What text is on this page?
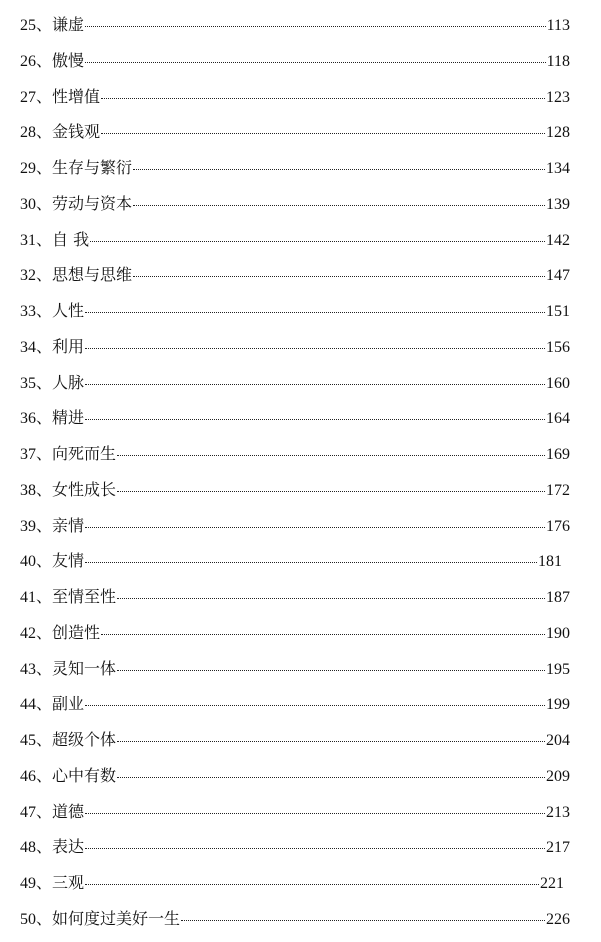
25、 谦虚	113
26、 傲慢	118
27、 性增值	123
28、 金钱观	128
29、 生存与繁衍	134
30、 劳动与资本	139
31、 自 我	142
32、 思想与思维	147
33、 人性	151
34、 利用	156
35、 人脉	160
36、 精进	164
37、 向死而生	169
38、 女性成长	172
39、 亲情	176
40、 友情	181
41、 至情至性	187
42、 创造性	190
43、 灵知一体	195
44、 副业	199
45、 超级个体	204
46、 心中有数	209
47、 道德	213
48、 表达	217
49、 三观	221
50、 如何度过美好一生	226
